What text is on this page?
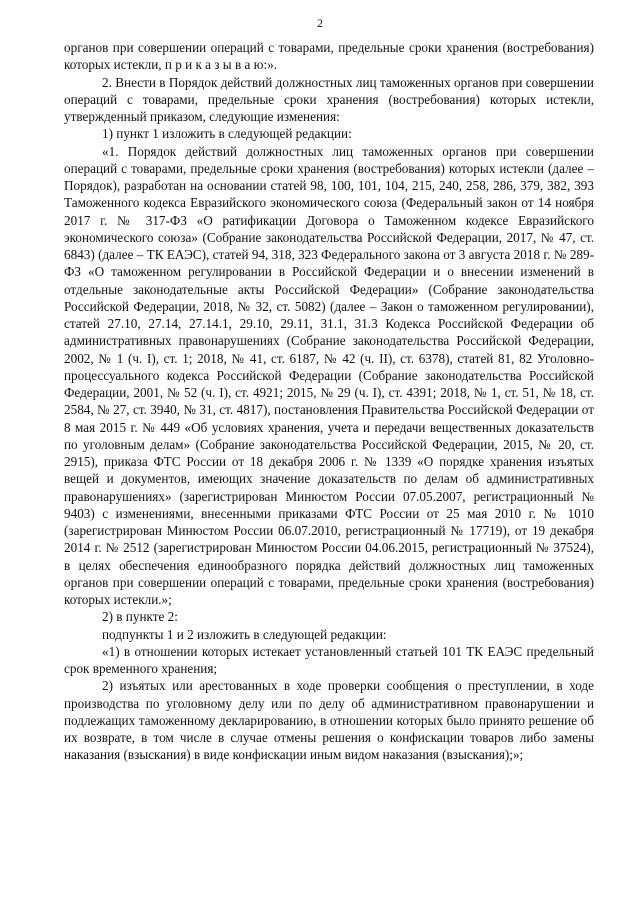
2

органов при совершении операций с товарами, предельные сроки хранения (востребования) которых истекли, п р и к а з ы в а ю:».

2. Внести в Порядок действий должностных лиц таможенных органов при совершении операций с товарами, предельные сроки хранения (востребования) которых истекли, утвержденный приказом, следующие изменения:

1) пункт 1 изложить в следующей редакции:

«1. Порядок действий должностных лиц таможенных органов при совершении операций с товарами, предельные сроки хранения (востребования) которых истекли (далее – Порядок), разработан на основании статей 98, 100, 101, 104, 215, 240, 258, 286, 379, 382, 393 Таможенного кодекса Евразийского экономического союза (Федеральный закон от 14 ноября 2017 г. № 317-ФЗ «О ратификации Договора о Таможенном кодексе Евразийского экономического союза» (Собрание законодательства Российской Федерации, 2017, № 47, ст. 6843) (далее – ТК ЕАЭС), статей 94, 318, 323 Федерального закона от 3 августа 2018 г. № 289-ФЗ «О таможенном регулировании в Российской Федерации и о внесении изменений в отдельные законодательные акты Российской Федерации» (Собрание законодательства Российской Федерации, 2018, № 32, ст. 5082) (далее – Закон о таможенном регулировании), статей 27.10, 27.14, 27.14.1, 29.10, 29.11, 31.1, 31.3 Кодекса Российской Федерации об административных правонарушениях (Собрание законодательства Российской Федерации, 2002, № 1 (ч. I), ст. 1; 2018, № 41, ст. 6187, № 42 (ч. II), ст. 6378), статей 81, 82 Уголовно-процессуального кодекса Российской Федерации (Собрание законодательства Российской Федерации, 2001, № 52 (ч. I), ст. 4921; 2015, № 29 (ч. I), ст. 4391; 2018, № 1, ст. 51, № 18, ст. 2584, № 27, ст. 3940, № 31, ст. 4817), постановления Правительства Российской Федерации от 8 мая 2015 г. № 449 «Об условиях хранения, учета и передачи вещественных доказательств по уголовным делам» (Собрание законодательства Российской Федерации, 2015, № 20, ст. 2915), приказа ФТС России от 18 декабря 2006 г. № 1339 «О порядке хранения изъятых вещей и документов, имеющих значение доказательств по делам об административных правонарушениях» (зарегистрирован Минюстом России 07.05.2007, регистрационный № 9403) с изменениями, внесенными приказами ФТС России от 25 мая 2010 г. № 1010 (зарегистрирован Минюстом России 06.07.2010, регистрационный № 17719), от 19 декабря 2014 г. № 2512 (зарегистрирован Минюстом России 04.06.2015, регистрационный № 37524), в целях обеспечения единообразного порядка действий должностных лиц таможенных органов при совершении операций с товарами, предельные сроки хранения (востребования) которых истекли.»;

2) в пункте 2:

подпункты 1 и 2 изложить в следующей редакции:

«1) в отношении которых истекает установленный статьей 101 ТК ЕАЭС предельный срок временного хранения;

2) изъятых или арестованных в ходе проверки сообщения о преступлении, в ходе производства по уголовному делу или по делу об административном правонарушении и подлежащих таможенному декларированию, в отношении которых было принято решение об их возврате, в том числе в случае отмены решения о конфискации товаров либо замены наказания (взыскания) в виде конфискации иным видом наказания (взыскания);»;
